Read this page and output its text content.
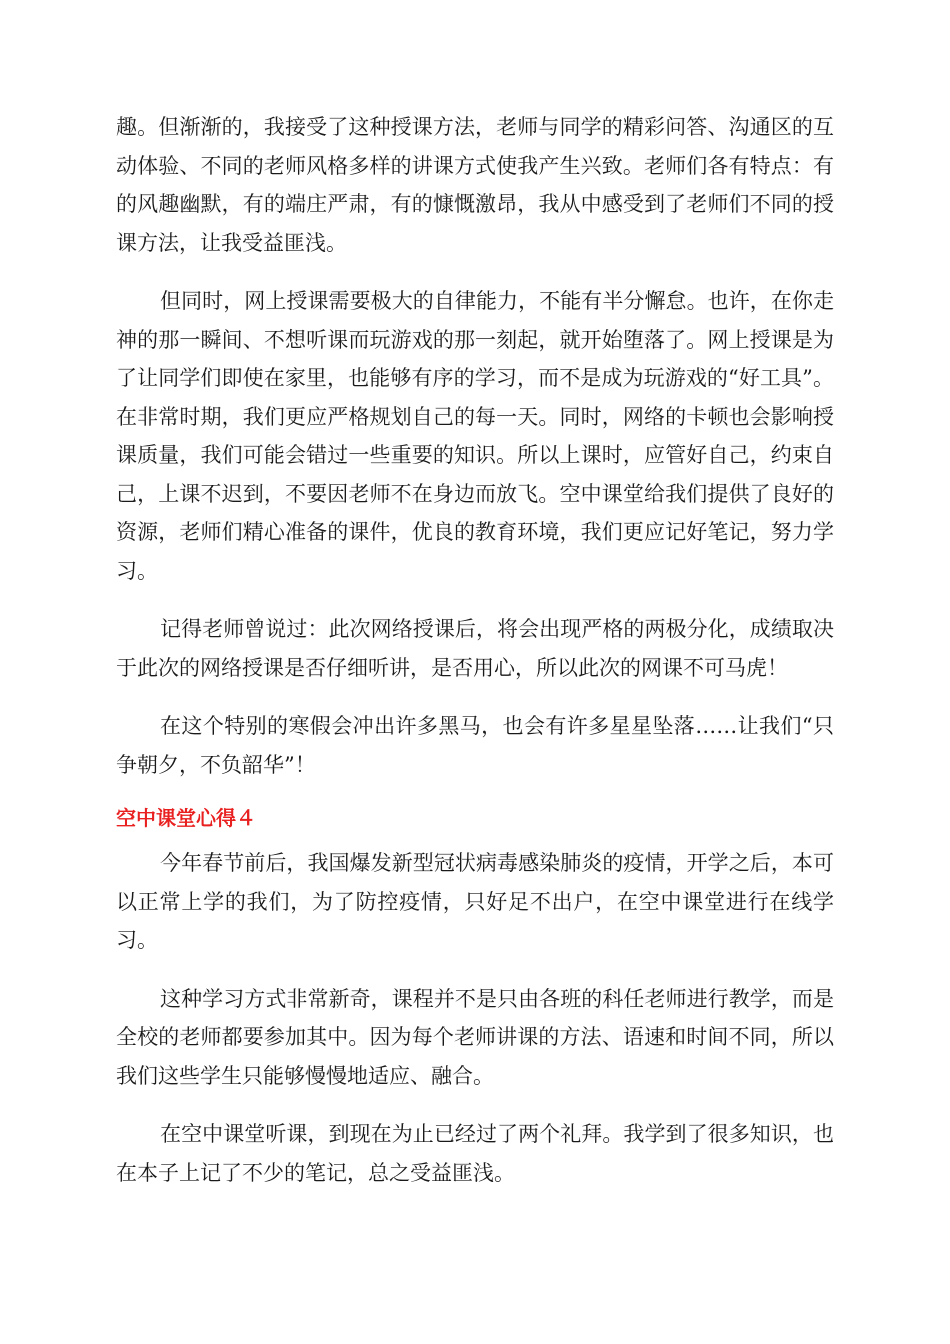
趣。但渐渐的，我接受了这种授课方法，老师与同学的精彩问答、沟通区的互动体验、不同的老师风格多样的讲课方式使我产生兴致。老师们各有特点：有的风趣幽默，有的端庄严肃，有的慷慨激昂，我从中感受到了老师们不同的授课方法，让我受益匪浅。

但同时，网上授课需要极大的自律能力，不能有半分懈怠。也许，在你走神的那一瞬间、不想听课而玩游戏的那一刻起，就开始堕落了。网上授课是为了让同学们即使在家里，也能够有序的学习，而不是成为玩游戏的“好工具”。在非常时期，我们更应严格规划自己的每一天。同时，网络的卡顿也会影响授课质量，我们可能会错过一些重要的知识。所以上课时，应管好自己，约束自己，上课不迟到，不要因老师不在身边而放飞。空中课堂给我们提供了良好的资源，老师们精心准备的课件，优良的教育环境，我们更应记好笔记，努力学习。

记得老师曾说过：此次网络授课后，将会出现严格的两极分化，成绩取决于此次的网络授课是否仔细听讲，是否用心，所以此次的网课不可马虎！

在这个特别的寒假会冲出许多黑马，也会有许多星星坠落……让我们“只争朝夕，不负韶华”！

空中课堂心得４

今年春节前后，我国爆发新型冠状病毒感染肺炎的疫情，开学之后，本可以正常上学的我们，为了防控疫情，只好足不出户，在空中课堂进行在线学习。

这种学习方式非常新奇，课程并不是只由各班的科任老师进行教学，而是全校的老师都要参加其中。因为每个老师讲课的方法、语速和时间不同，所以我们这些学生只能够慢慢地适应、融合。

在空中课堂听课，到现在为止已经过了两个礼拜。我学到了很多知识，也在本子上记了不少的笔记，总之受益匪浅。
